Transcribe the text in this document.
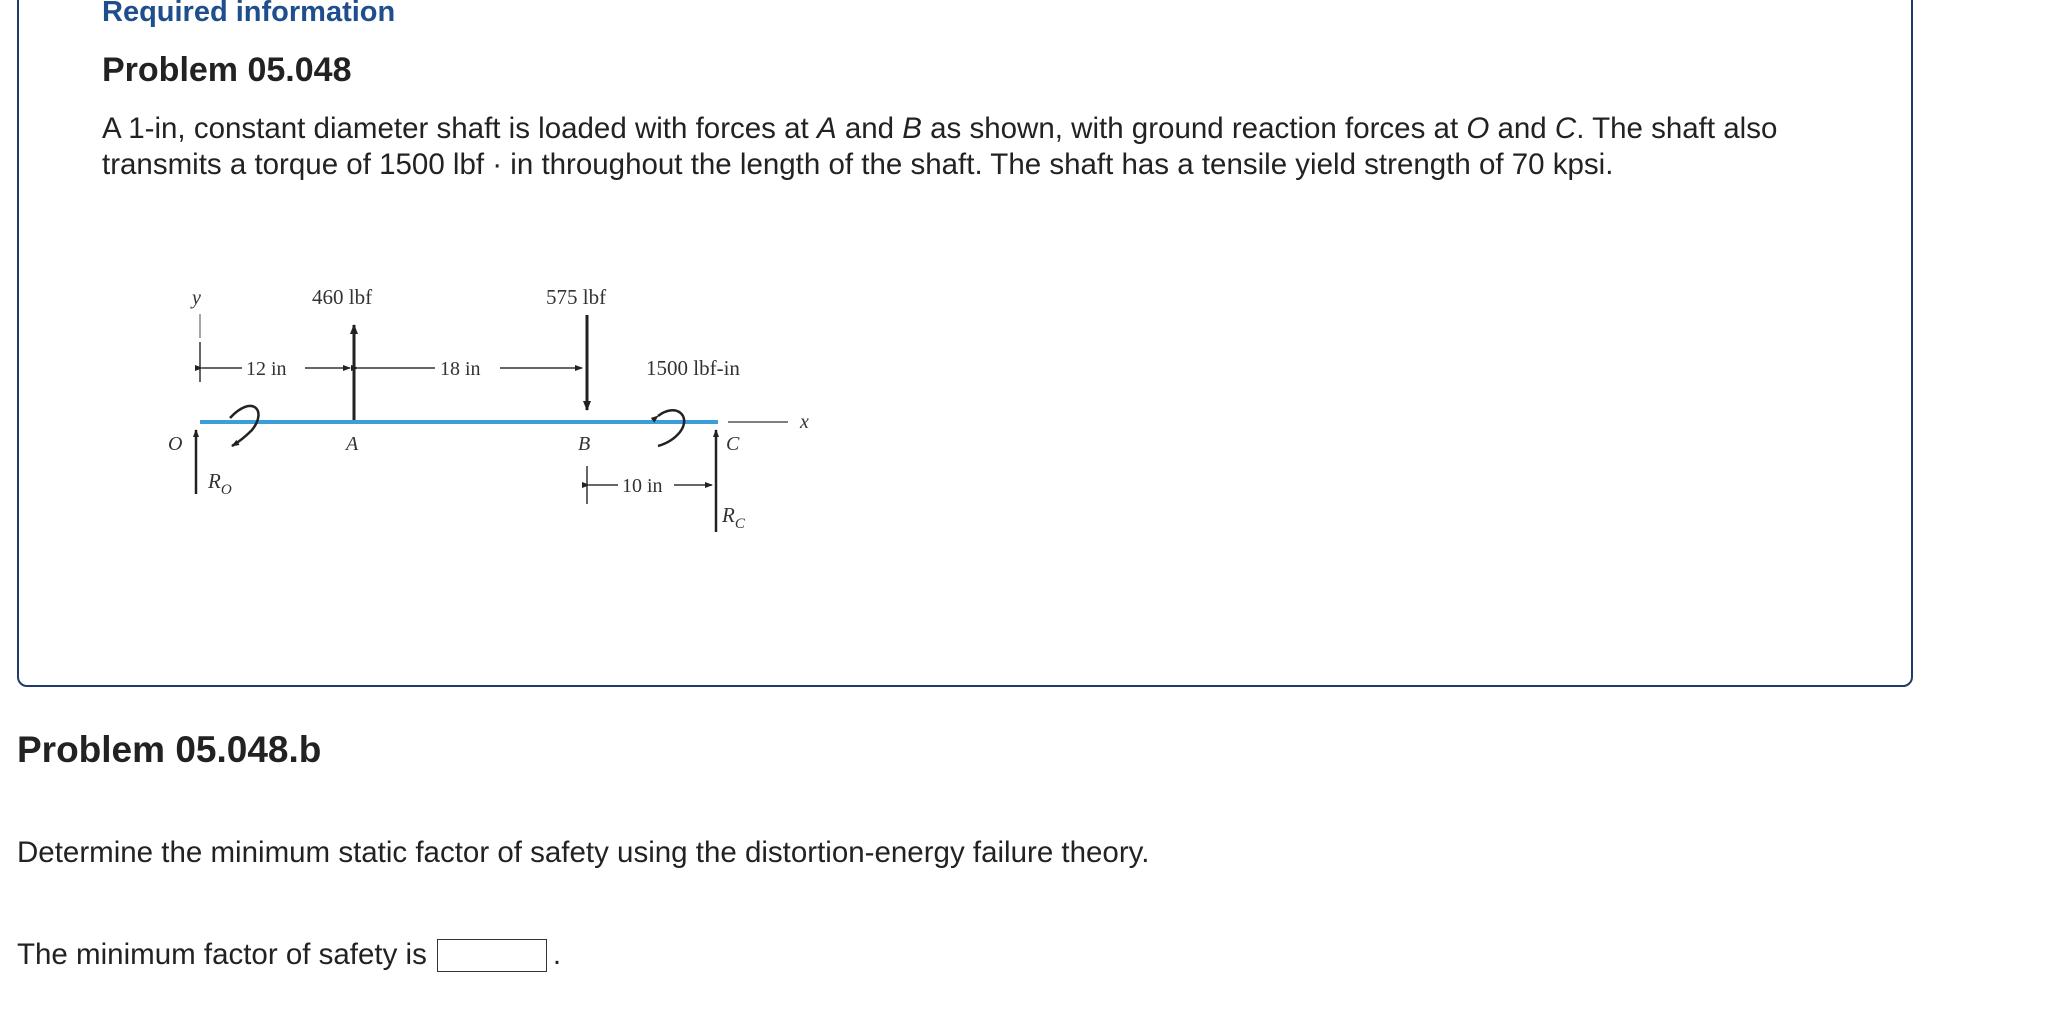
Required information
Problem 05.048

A 1-in, constant diameter shaft is loaded with forces at A and B as shown, with ground reaction forces at O and C. The shaft also transmits a torque of 1500 lbf · in throughout the length of the shaft. The shaft has a tensile yield strength of 70 kpsi.

y
12 in	18 in
460 lbf	575 lbf
1500 lbf-in
x
O	A	B	C
$R_O$	10 in
$R_C$
Problem 05.048.b

Determine the minimum static factor of safety using the distortion-energy failure theory.

The minimum factor of safety is	.
